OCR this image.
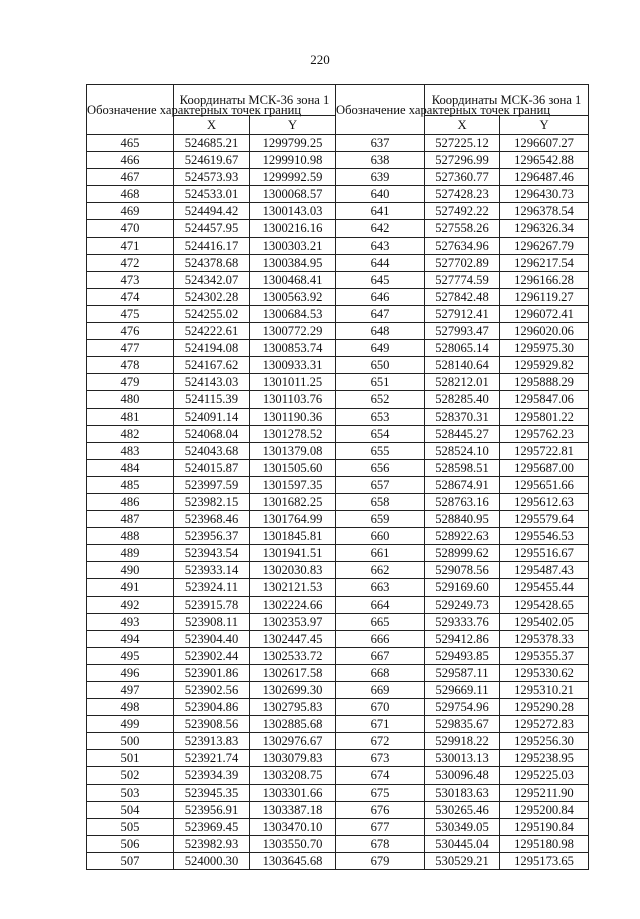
220
Обозначение характерных точек границ	Координаты МСК-36 зона 1		Обозначение характерных точек границ	Координаты МСК-36 зона 1	
	X	Y		X	Y
465	524685.21	1299799.25	637	527225.12	1296607.27
466	524619.67	1299910.98	638	527296.99	1296542.88
467	524573.93	1299992.59	639	527360.77	1296487.46
468	524533.01	1300068.57	640	527428.23	1296430.73
469	524494.42	1300143.03	641	527492.22	1296378.54
470	524457.95	1300216.16	642	527558.26	1296326.34
471	524416.17	1300303.21	643	527634.96	1296267.79
472	524378.68	1300384.95	644	527702.89	1296217.54
473	524342.07	1300468.41	645	527774.59	1296166.28
474	524302.28	1300563.92	646	527842.48	1296119.27
475	524255.02	1300684.53	647	527912.41	1296072.41
476	524222.61	1300772.29	648	527993.47	1296020.06
477	524194.08	1300853.74	649	528065.14	1295975.30
478	524167.62	1300933.31	650	528140.64	1295929.82
479	524143.03	1301011.25	651	528212.01	1295888.29
480	524115.39	1301103.76	652	528285.40	1295847.06
481	524091.14	1301190.36	653	528370.31	1295801.22
482	524068.04	1301278.52	654	528445.27	1295762.23
483	524043.68	1301379.08	655	528524.10	1295722.81
484	524015.87	1301505.60	656	528598.51	1295687.00
485	523997.59	1301597.35	657	528674.91	1295651.66
486	523982.15	1301682.25	658	528763.16	1295612.63
487	523968.46	1301764.99	659	528840.95	1295579.64
488	523956.37	1301845.81	660	528922.63	1295546.53
489	523943.54	1301941.51	661	528999.62	1295516.67
490	523933.14	1302030.83	662	529078.56	1295487.43
491	523924.11	1302121.53	663	529169.60	1295455.44
492	523915.78	1302224.66	664	529249.73	1295428.65
493	523908.11	1302353.97	665	529333.76	1295402.05
494	523904.40	1302447.45	666	529412.86	1295378.33
495	523902.44	1302533.72	667	529493.85	1295355.37
496	523901.86	1302617.58	668	529587.11	1295330.62
497	523902.56	1302699.30	669	529669.11	1295310.21
498	523904.86	1302795.83	670	529754.96	1295290.28
499	523908.56	1302885.68	671	529835.67	1295272.83
500	523913.83	1302976.67	672	529918.22	1295256.30
501	523921.74	1303079.83	673	530013.13	1295238.95
502	523934.39	1303208.75	674	530096.48	1295225.03
503	523945.35	1303301.66	675	530183.63	1295211.90
504	523956.91	1303387.18	676	530265.46	1295200.84
505	523969.45	1303470.10	677	530349.05	1295190.84
506	523982.93	1303550.70	678	530445.04	1295180.98
507	524000.30	1303645.68	679	530529.21	1295173.65
